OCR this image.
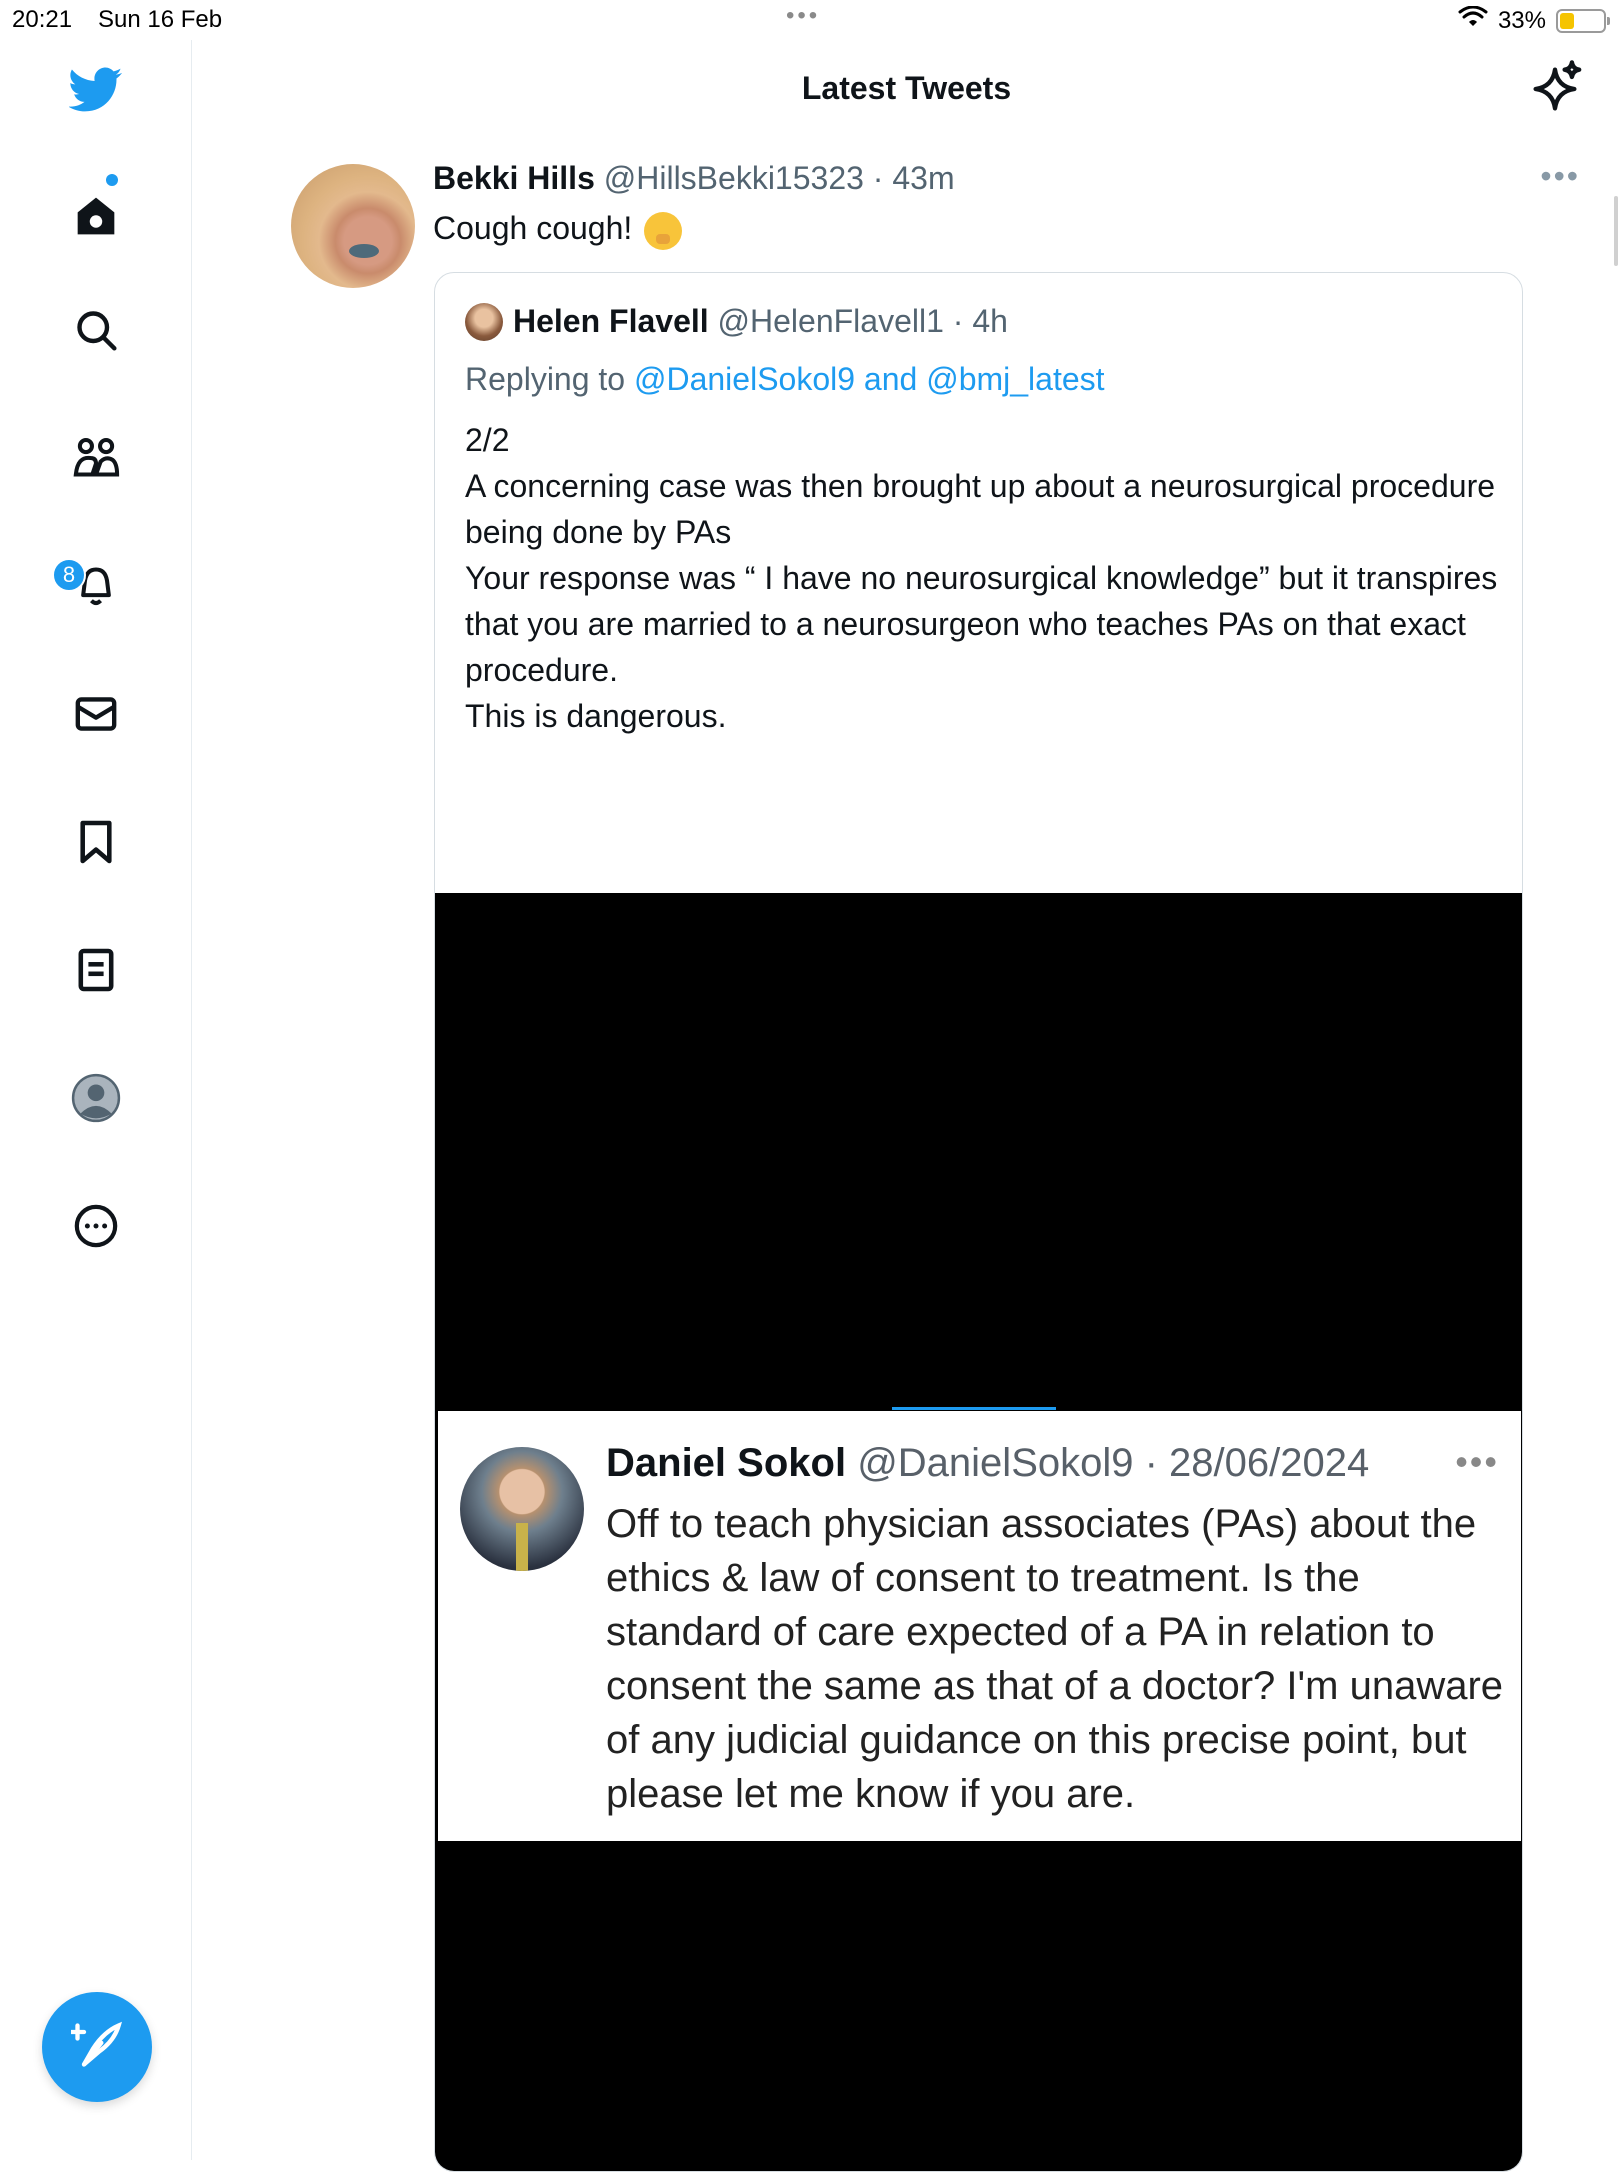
20:21 Sun 16 Feb	•••	33%
8
Latest Tweets
Bekki Hills @HillsBekki15323 · 43m	•••
Cough cough!
Helen Flavell @HelenFlavell1 · 4h
Replying to @DanielSokol9 and @bmj_latest

2/2

A concerning case was then brought up about a neurosurgical procedure being done by PAs

Your response was “ I have no neurosurgical knowledge” but it transpires that you are married to a neurosurgeon who teaches PAs on that exact procedure.

This is dangerous.

Daniel Sokol @DanielSokol9 · 28/06/2024 •••
Off to teach physician associates (PAs) about the ethics & law of consent to treatment. Is the standard of care expected of a PA in relation to consent the same as that of a doctor? I'm unaware of any judicial guidance on this precise point, but please let me know if you are.
